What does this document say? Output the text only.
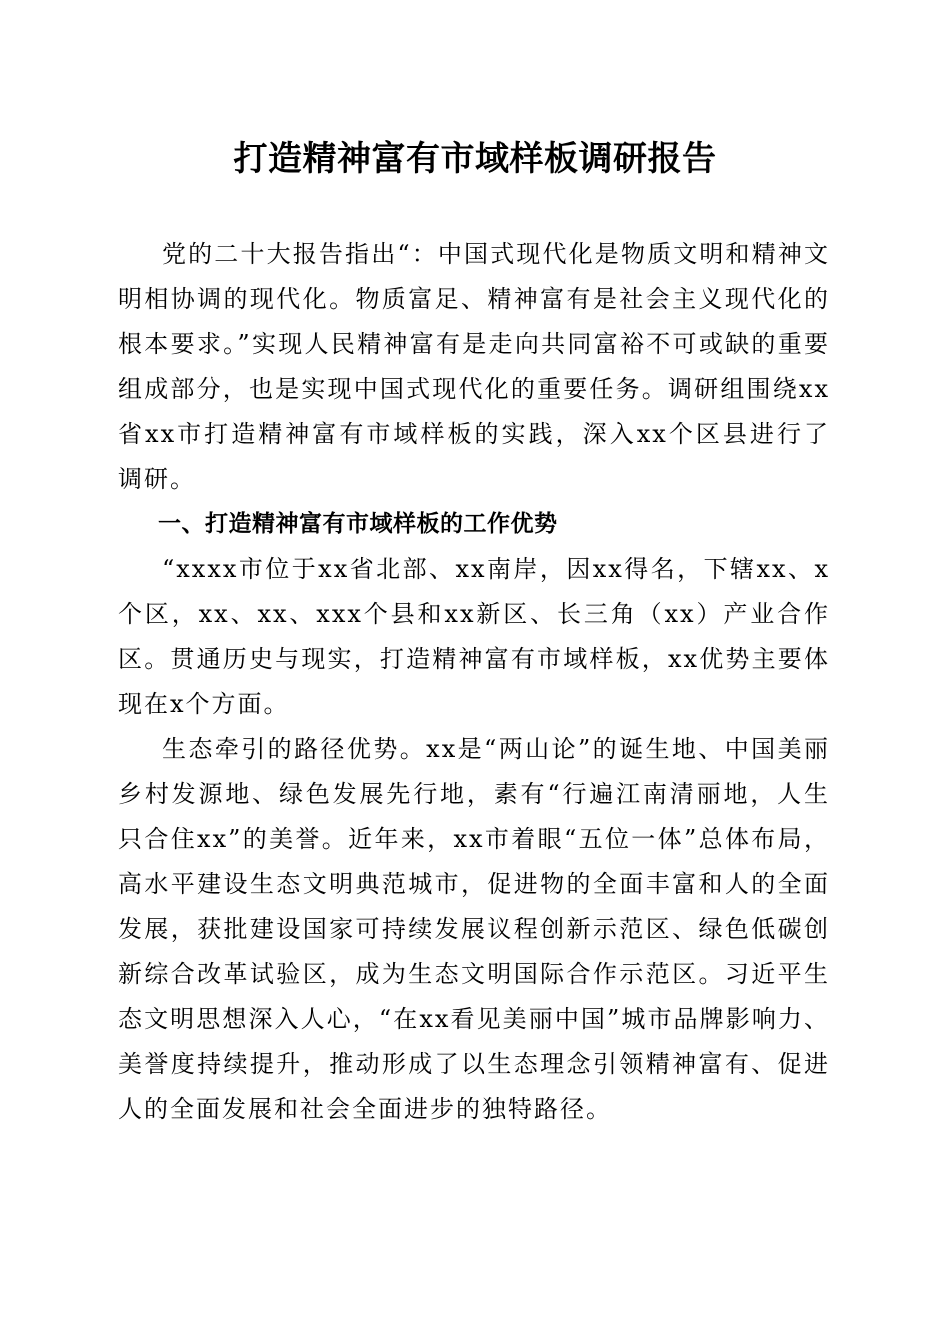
打造精神富有市域样板调研报告

党的二十大报告指出“：中国式现代化是物质文明和精神文明相协调的现代化。物质富足、精神富有是社会主义现代化的根本要求。”实现人民精神富有是走向共同富裕不可或缺的重要组成部分，也是实现中国式现代化的重要任务。调研组围绕xx省xx市打造精神富有市域样板的实践，深入xx个区县进行了调研。

一、打造精神富有市域样板的工作优势

“xxxx市位于xx省北部、xx南岸，因xx得名，下辖xx、x个区，xx、xx、xxx个县和xx新区、长三角（xx）产业合作区。贯通历史与现实，打造精神富有市域样板，xx优势主要体现在x个方面。

生态牵引的路径优势。xx是“两山论”的诞生地、中国美丽乡村发源地、绿色发展先行地，素有“行遍江南清丽地，人生只合住xx”的美誉。近年来，xx市着眼“五位一体”总体布局，高水平建设生态文明典范城市，促进物的全面丰富和人的全面发展，获批建设国家可持续发展议程创新示范区、绿色低碳创新综合改革试验区，成为生态文明国际合作示范区。习近平生态文明思想深入人心，“在xx看见美丽中国”城市品牌影响力、美誉度持续提升，推动形成了以生态理念引领精神富有、促进人的全面发展和社会全面进步的独特路径。
